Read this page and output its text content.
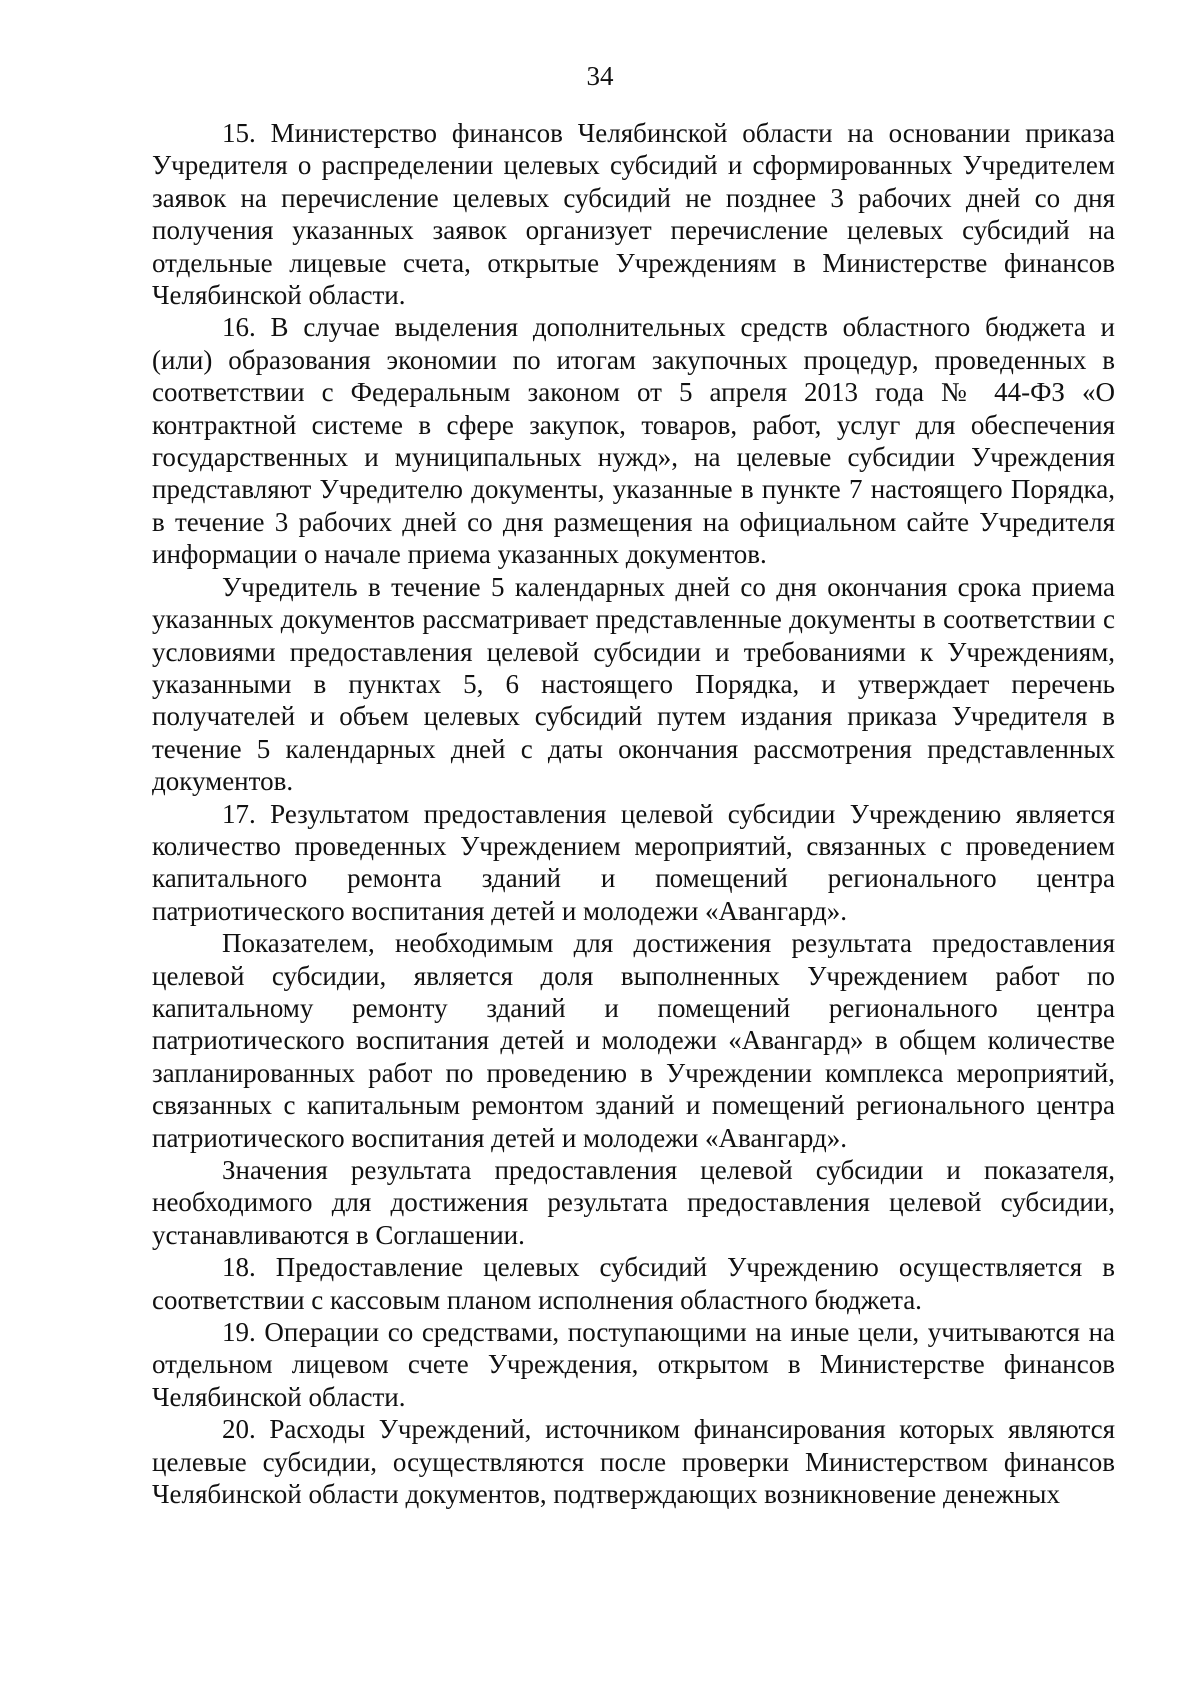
34

15. Министерство финансов Челябинской области на основании приказа Учредителя о распределении целевых субсидий и сформированных Учредителем заявок на перечисление целевых субсидий не позднее 3 рабочих дней со дня получения указанных заявок организует перечисление целевых субсидий на отдельные лицевые счета, открытые Учреждениям в Министерстве финансов Челябинской области.

16. В случае выделения дополнительных средств областного бюджета и (или) образования экономии по итогам закупочных процедур, проведенных в соответствии с Федеральным законом от 5 апреля 2013 года № 44-ФЗ «О контрактной системе в сфере закупок, товаров, работ, услуг для обеспечения государственных и муниципальных нужд», на целевые субсидии Учреждения представляют Учредителю документы, указанные в пункте 7 настоящего Порядка, в течение 3 рабочих дней со дня размещения на официальном сайте Учредителя информации о начале приема указанных документов.

Учредитель в течение 5 календарных дней со дня окончания срока приема указанных документов рассматривает представленные документы в соответствии с условиями предоставления целевой субсидии и требованиями к Учреждениям, указанными в пунктах 5, 6 настоящего Порядка, и утверждает перечень получателей и объем целевых субсидий путем издания приказа Учредителя в течение 5 календарных дней с даты окончания рассмотрения представленных документов.

17. Результатом предоставления целевой субсидии Учреждению является количество проведенных Учреждением мероприятий, связанных с проведением капитального ремонта зданий и помещений регионального центра патриотического воспитания детей и молодежи «Авангард».

Показателем, необходимым для достижения результата предоставления целевой субсидии, является доля выполненных Учреждением работ по капитальному ремонту зданий и помещений регионального центра патриотического воспитания детей и молодежи «Авангард» в общем количестве запланированных работ по проведению в Учреждении комплекса мероприятий, связанных с капитальным ремонтом зданий и помещений регионального центра патриотического воспитания детей и молодежи «Авангард».

Значения результата предоставления целевой субсидии и показателя, необходимого для достижения результата предоставления целевой субсидии, устанавливаются в Соглашении.

18. Предоставление целевых субсидий Учреждению осуществляется в соответствии с кассовым планом исполнения областного бюджета.

19. Операции со средствами, поступающими на иные цели, учитываются на отдельном лицевом счете Учреждения, открытом в Министерстве финансов Челябинской области.

20. Расходы Учреждений, источником финансирования которых являются целевые субсидии, осуществляются после проверки Министерством финансов Челябинской области документов, подтверждающих возникновение денежных
